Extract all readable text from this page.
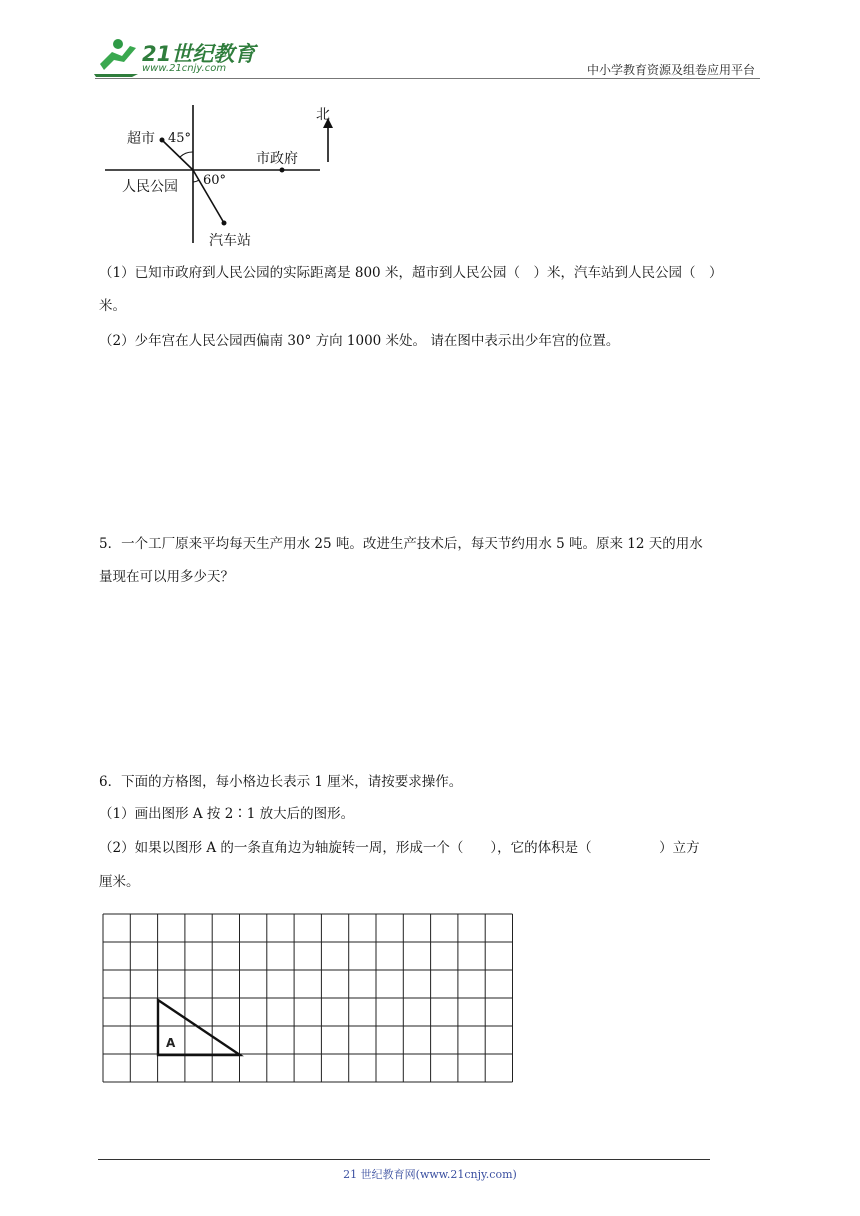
21世纪教育
www.21cnjy.com	中小学教育资源及组卷应用平台
北
超市 45°
市政府
人民公园 60°
汽车站
（1）已知市政府到人民公园的实际距离是 800 米，超市到人民公园（　）米，汽车站到人民公园（　）
米。
（2）少年宫在人民公园西偏南 30° 方向 1000 米处。 请在图中表示出少年宫的位置。
5．一个工厂原来平均每天生产用水 25 吨。改进生产技术后，每天节约用水 5 吨。原来 12 天的用水
量现在可以用多少天？
6．下面的方格图，每小格边长表示 1 厘米，请按要求操作。
（1）画出图形 A 按 2∶1 放大后的图形。
（2）如果以图形 A 的一条直角边为轴旋转一周，形成一个（　　），它的体积是（　　　　　）立方
厘米。
A
21 世纪教育网(www.21cnjy.com)
